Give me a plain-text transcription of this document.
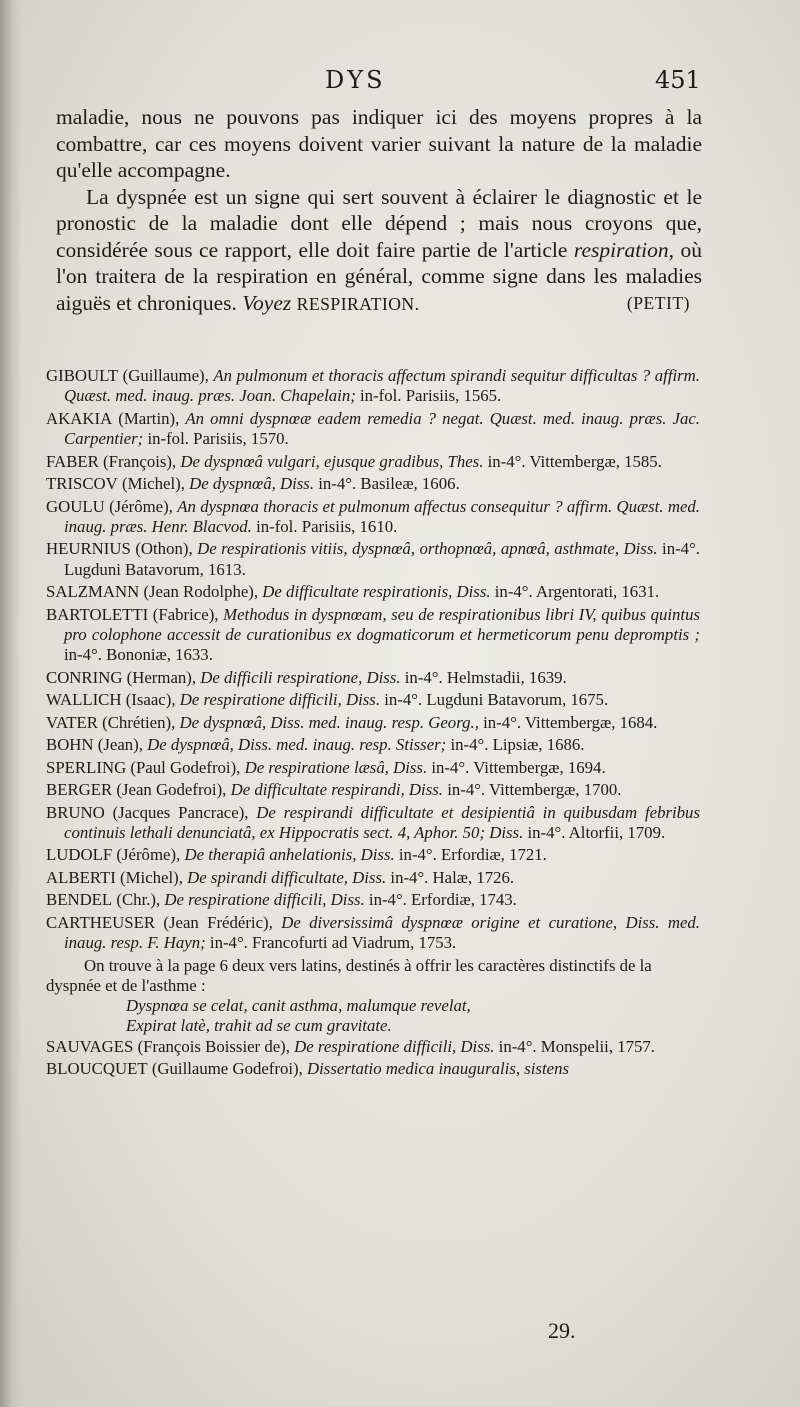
DYS	451

maladie, nous ne pouvons pas indiquer ici des moyens propres à la combattre, car ces moyens doivent varier suivant la nature de la maladie qu'elle accompagne.

La dyspnée est un signe qui sert souvent à éclairer le diagnostic et le pronostic de la maladie dont elle dépend ; mais nous croyons que, considérée sous ce rapport, elle doit faire partie de l'article respiration, où l'on traitera de la respiration en général, comme signe dans les maladies aiguës et chroniques. Voyez RESPIRATION.	(PETIT)

GIBOULT (Guillaume), An pulmonum et thoracis affectum spirandi sequitur difficultas ? affirm. Quæst. med. inaug. præs. Joan. Chapelain; in-fol. Parisiis, 1565.

AKAKIA (Martin), An omni dyspnœæ eadem remedia ? negat. Quæst. med. inaug. præs. Jac. Carpentier; in-fol. Parisiis, 1570.

FABER (François), De dyspnœâ vulgari, ejusque gradibus, Thes. in-4°. Vittembergæ, 1585.

TRISCOV (Michel), De dyspnœâ, Diss. in-4°. Basileæ, 1606.

GOULU (Jérôme), An dyspnœa thoracis et pulmonum affectus consequitur ? affirm. Quæst. med. inaug. præs. Henr. Blacvod. in-fol. Parisiis, 1610.

HEURNIUS (Othon), De respirationis vitiis, dyspnœâ, orthopnœâ, apnœâ, asthmate, Diss. in-4°. Lugduni Batavorum, 1613.

SALZMANN (Jean Rodolphe), De difficultate respirationis, Diss. in-4°. Argentorati, 1631.

BARTOLETTI (Fabrice), Methodus in dyspnœam, seu de respirationibus libri IV, quibus quintus pro colophone accessit de curationibus ex dogmaticorum et hermeticorum penu depromptis ; in-4°. Bononiæ, 1633.

CONRING (Herman), De difficili respiratione, Diss. in-4°. Helmstadii, 1639.

WALLICH (Isaac), De respiratione difficili, Diss. in-4°. Lugduni Batavorum, 1675.

VATER (Chrétien), De dyspnœâ, Diss. med. inaug. resp. Georg., in-4°. Vittembergæ, 1684.

BOHN (Jean), De dyspnœâ, Diss. med. inaug. resp. Stisser; in-4°. Lipsiæ, 1686.

SPERLING (Paul Godefroi), De respiratione læsâ, Diss. in-4°. Vittembergæ, 1694.

BERGER (Jean Godefroi), De difficultate respirandi, Diss. in-4°. Vittembergæ, 1700.

BRUNO (Jacques Pancrace), De respirandi difficultate et desipientiâ in quibusdam febribus continuis lethali denunciatâ, ex Hippocratis sect. 4, Aphor. 50; Diss. in-4°. Altorfii, 1709.

LUDOLF (Jérôme), De therapiâ anhelationis, Diss. in-4°. Erfordiæ, 1721.

ALBERTI (Michel), De spirandi difficultate, Diss. in-4°. Halæ, 1726.

BENDEL (Chr.), De respiratione difficili, Diss. in-4°. Erfordiæ, 1743.

CARTHEUSER (Jean Frédéric), De diversissimâ dyspnœæ origine et curatione, Diss. med. inaug. resp. F. Hayn; in-4°. Francofurti ad Viadrum, 1753.

On trouve à la page 6 deux vers latins, destinés à offrir les caractères distinctifs de la dyspnée et de l'asthme :

Dyspnœa se celat, canit asthma, malumque revelat,

Expirat latè, trahit ad se cum gravitate.

SAUVAGES (François Boissier de), De respiratione difficili, Diss. in-4°. Monspelii, 1757.

BLOUCQUET (Guillaume Godefroi), Dissertatio medica inauguralis, sistens

29.
